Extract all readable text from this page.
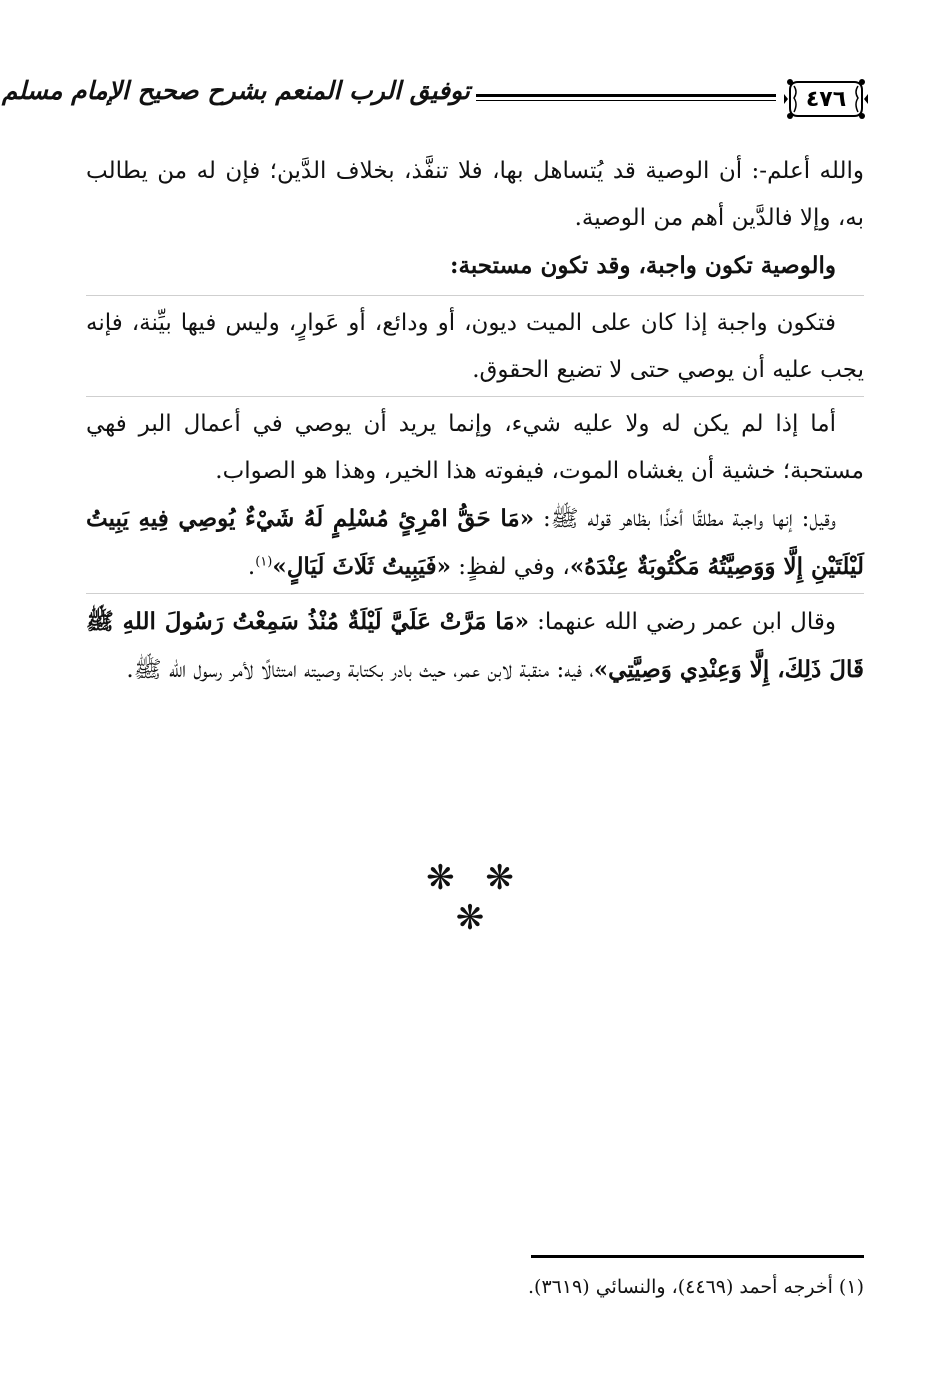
٤٧٦
توفيق الرب المنعم بشرح صحيح الإمام مسلم

والله أعلم-: أن الوصية قد يُتساهل بها، فلا تنفَّذ، بخلاف الدَّين؛ فإن له من يطالب به، وإلا فالدَّين أهم من الوصية.

والوصية تكون واجبة، وقد تكون مستحبة:

فتكون واجبة إذا كان على الميت ديون، أو ودائع، أو عَوارٍ، وليس فيها بيِّنة، فإنه يجب عليه أن يوصي حتى لا تضيع الحقوق.

أما إذا لم يكن له ولا عليه شيء، وإنما يريد أن يوصي في أعمال البر فهي مستحبة؛ خشية أن يغشاه الموت، فيفوته هذا الخير، وهذا هو الصواب.

وقيل: إنها واجبة مطلقًا أخذًا بظاهر قوله ﷺ: «مَا حَقُّ امْرِئٍ مُسْلِمٍ لَهُ شَيْءٌ يُوصِي فِيهِ يَبِيتُ لَيْلَتَيْنِ إِلَّا وَوَصِيَّتُهُ مَكْتُوبَةٌ عِنْدَهُ»، وفي لفظٍ: «فَيَبِيتُ ثَلَاثَ لَيَالٍ»$^{(١)}$.

وقال ابن عمر رضي الله عنهما: «مَا مَرَّتْ عَلَيَّ لَيْلَةٌ مُنْذُ سَمِعْتُ رَسُولَ اللهِ ﷺ قَالَ ذَلِكَ، إِلَّا وَعِنْدِي وَصِيَّتِي»، فيه: منقبة لابن عمر، حيث بادر بكتابة وصيته امتثالًا لأمر رسول الله ﷺ.

❋ ❋ ❋
(١) أخرجه أحمد (٤٤٦٩)، والنسائي (٣٦١٩).
